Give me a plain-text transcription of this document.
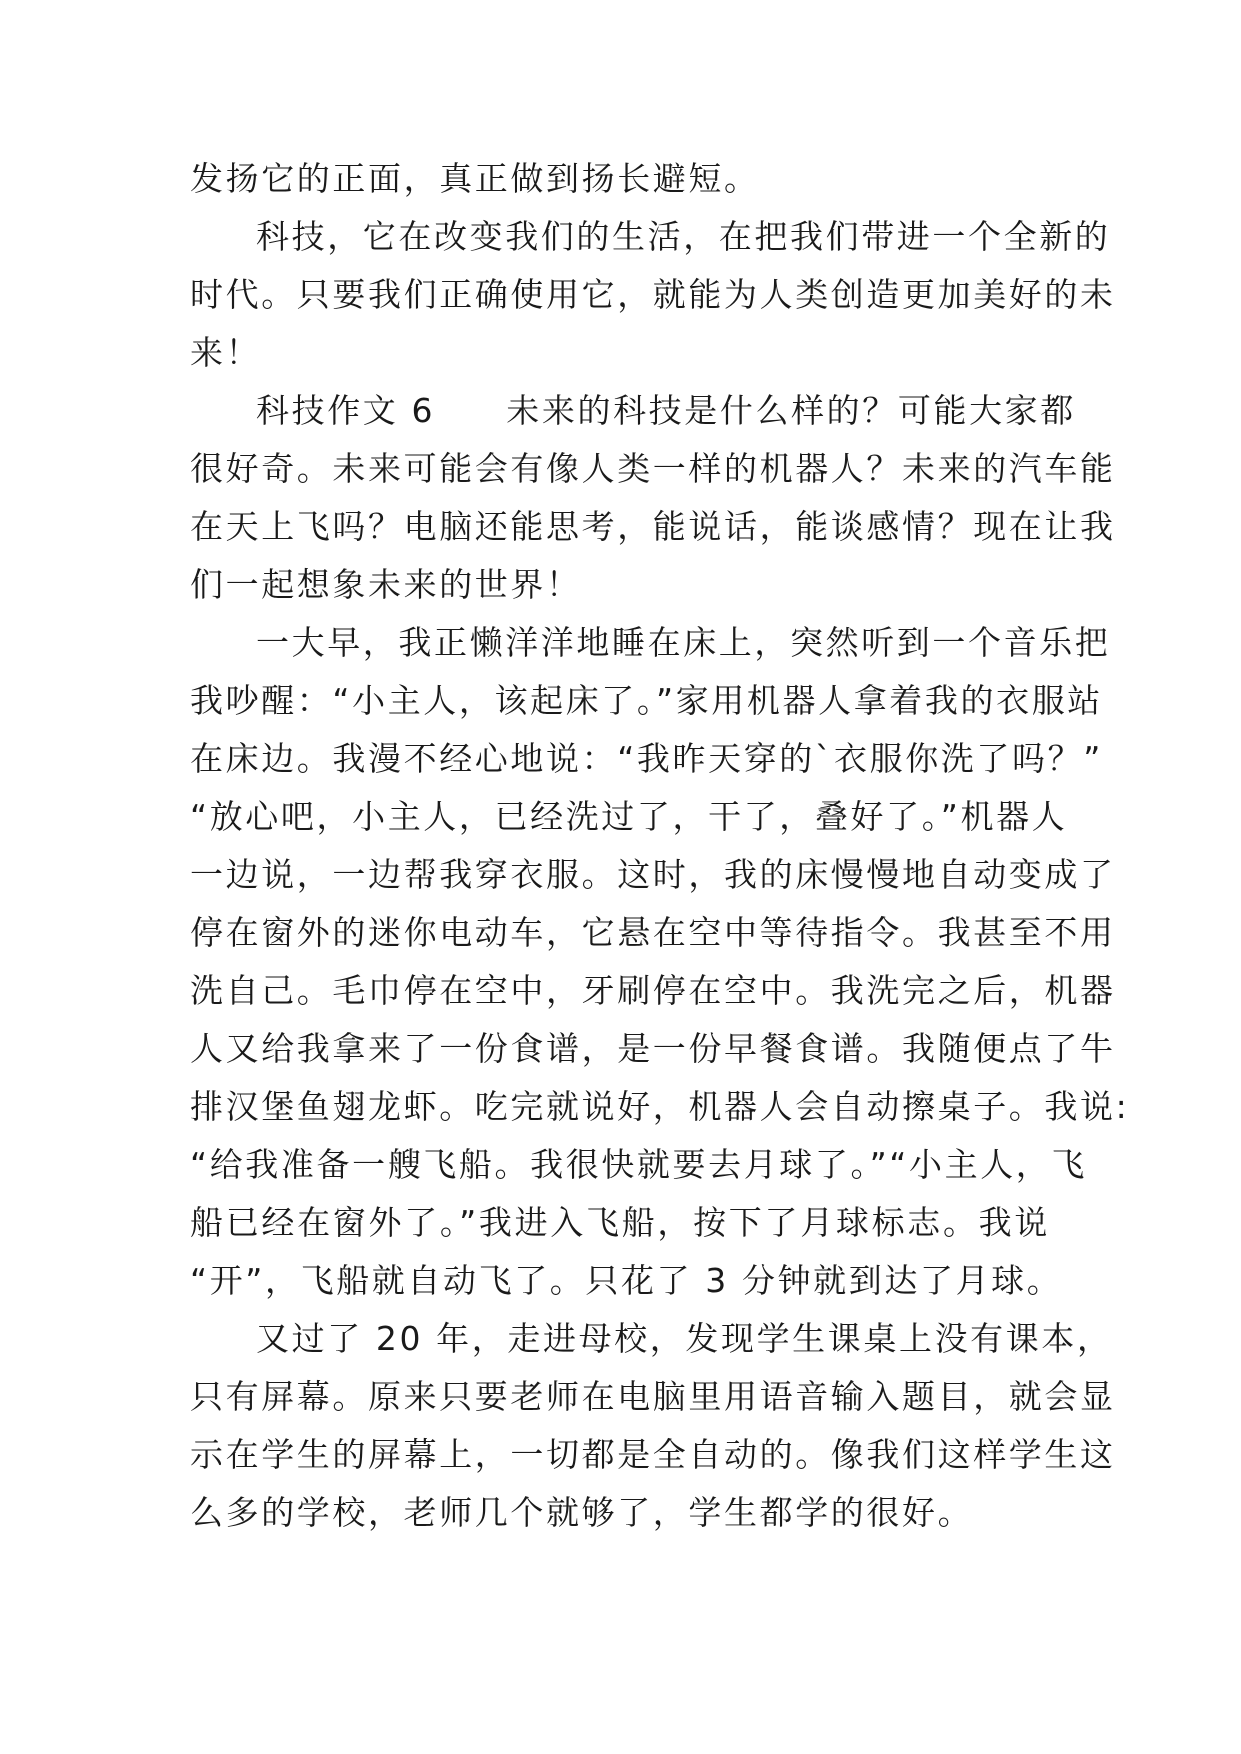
发扬它的正面，真正做到扬长避短。
科技，它在改变我们的生活，在把我们带进一个全新的
时代。只要我们正确使用它，就能为人类创造更加美好的未
来！
科技作文 6　　未来的科技是什么样的？可能大家都
很好奇。未来可能会有像人类一样的机器人？未来的汽车能
在天上飞吗？电脑还能思考，能说话，能谈感情？现在让我
们一起想象未来的世界！
一大早，我正懒洋洋地睡在床上，突然听到一个音乐把
我吵醒：“小主人，该起床了。”家用机器人拿着我的衣服站
在床边。我漫不经心地说：“我昨天穿的`衣服你洗了吗？”
“放心吧，小主人，已经洗过了，干了，叠好了。”机器人
一边说，一边帮我穿衣服。这时，我的床慢慢地自动变成了
停在窗外的迷你电动车，它悬在空中等待指令。我甚至不用
洗自己。毛巾停在空中，牙刷停在空中。我洗完之后，机器
人又给我拿来了一份食谱，是一份早餐食谱。我随便点了牛
排汉堡鱼翅龙虾。吃完就说好，机器人会自动擦桌子。我说:
“给我准备一艘飞船。我很快就要去月球了。”“小主人，飞
船已经在窗外了。”我进入飞船，按下了月球标志。我说
“开”，飞船就自动飞了。只花了 3 分钟就到达了月球。
又过了 20 年，走进母校，发现学生课桌上没有课本，
只有屏幕。原来只要老师在电脑里用语音输入题目，就会显
示在学生的屏幕上，一切都是全自动的。像我们这样学生这
么多的学校，老师几个就够了，学生都学的很好。
